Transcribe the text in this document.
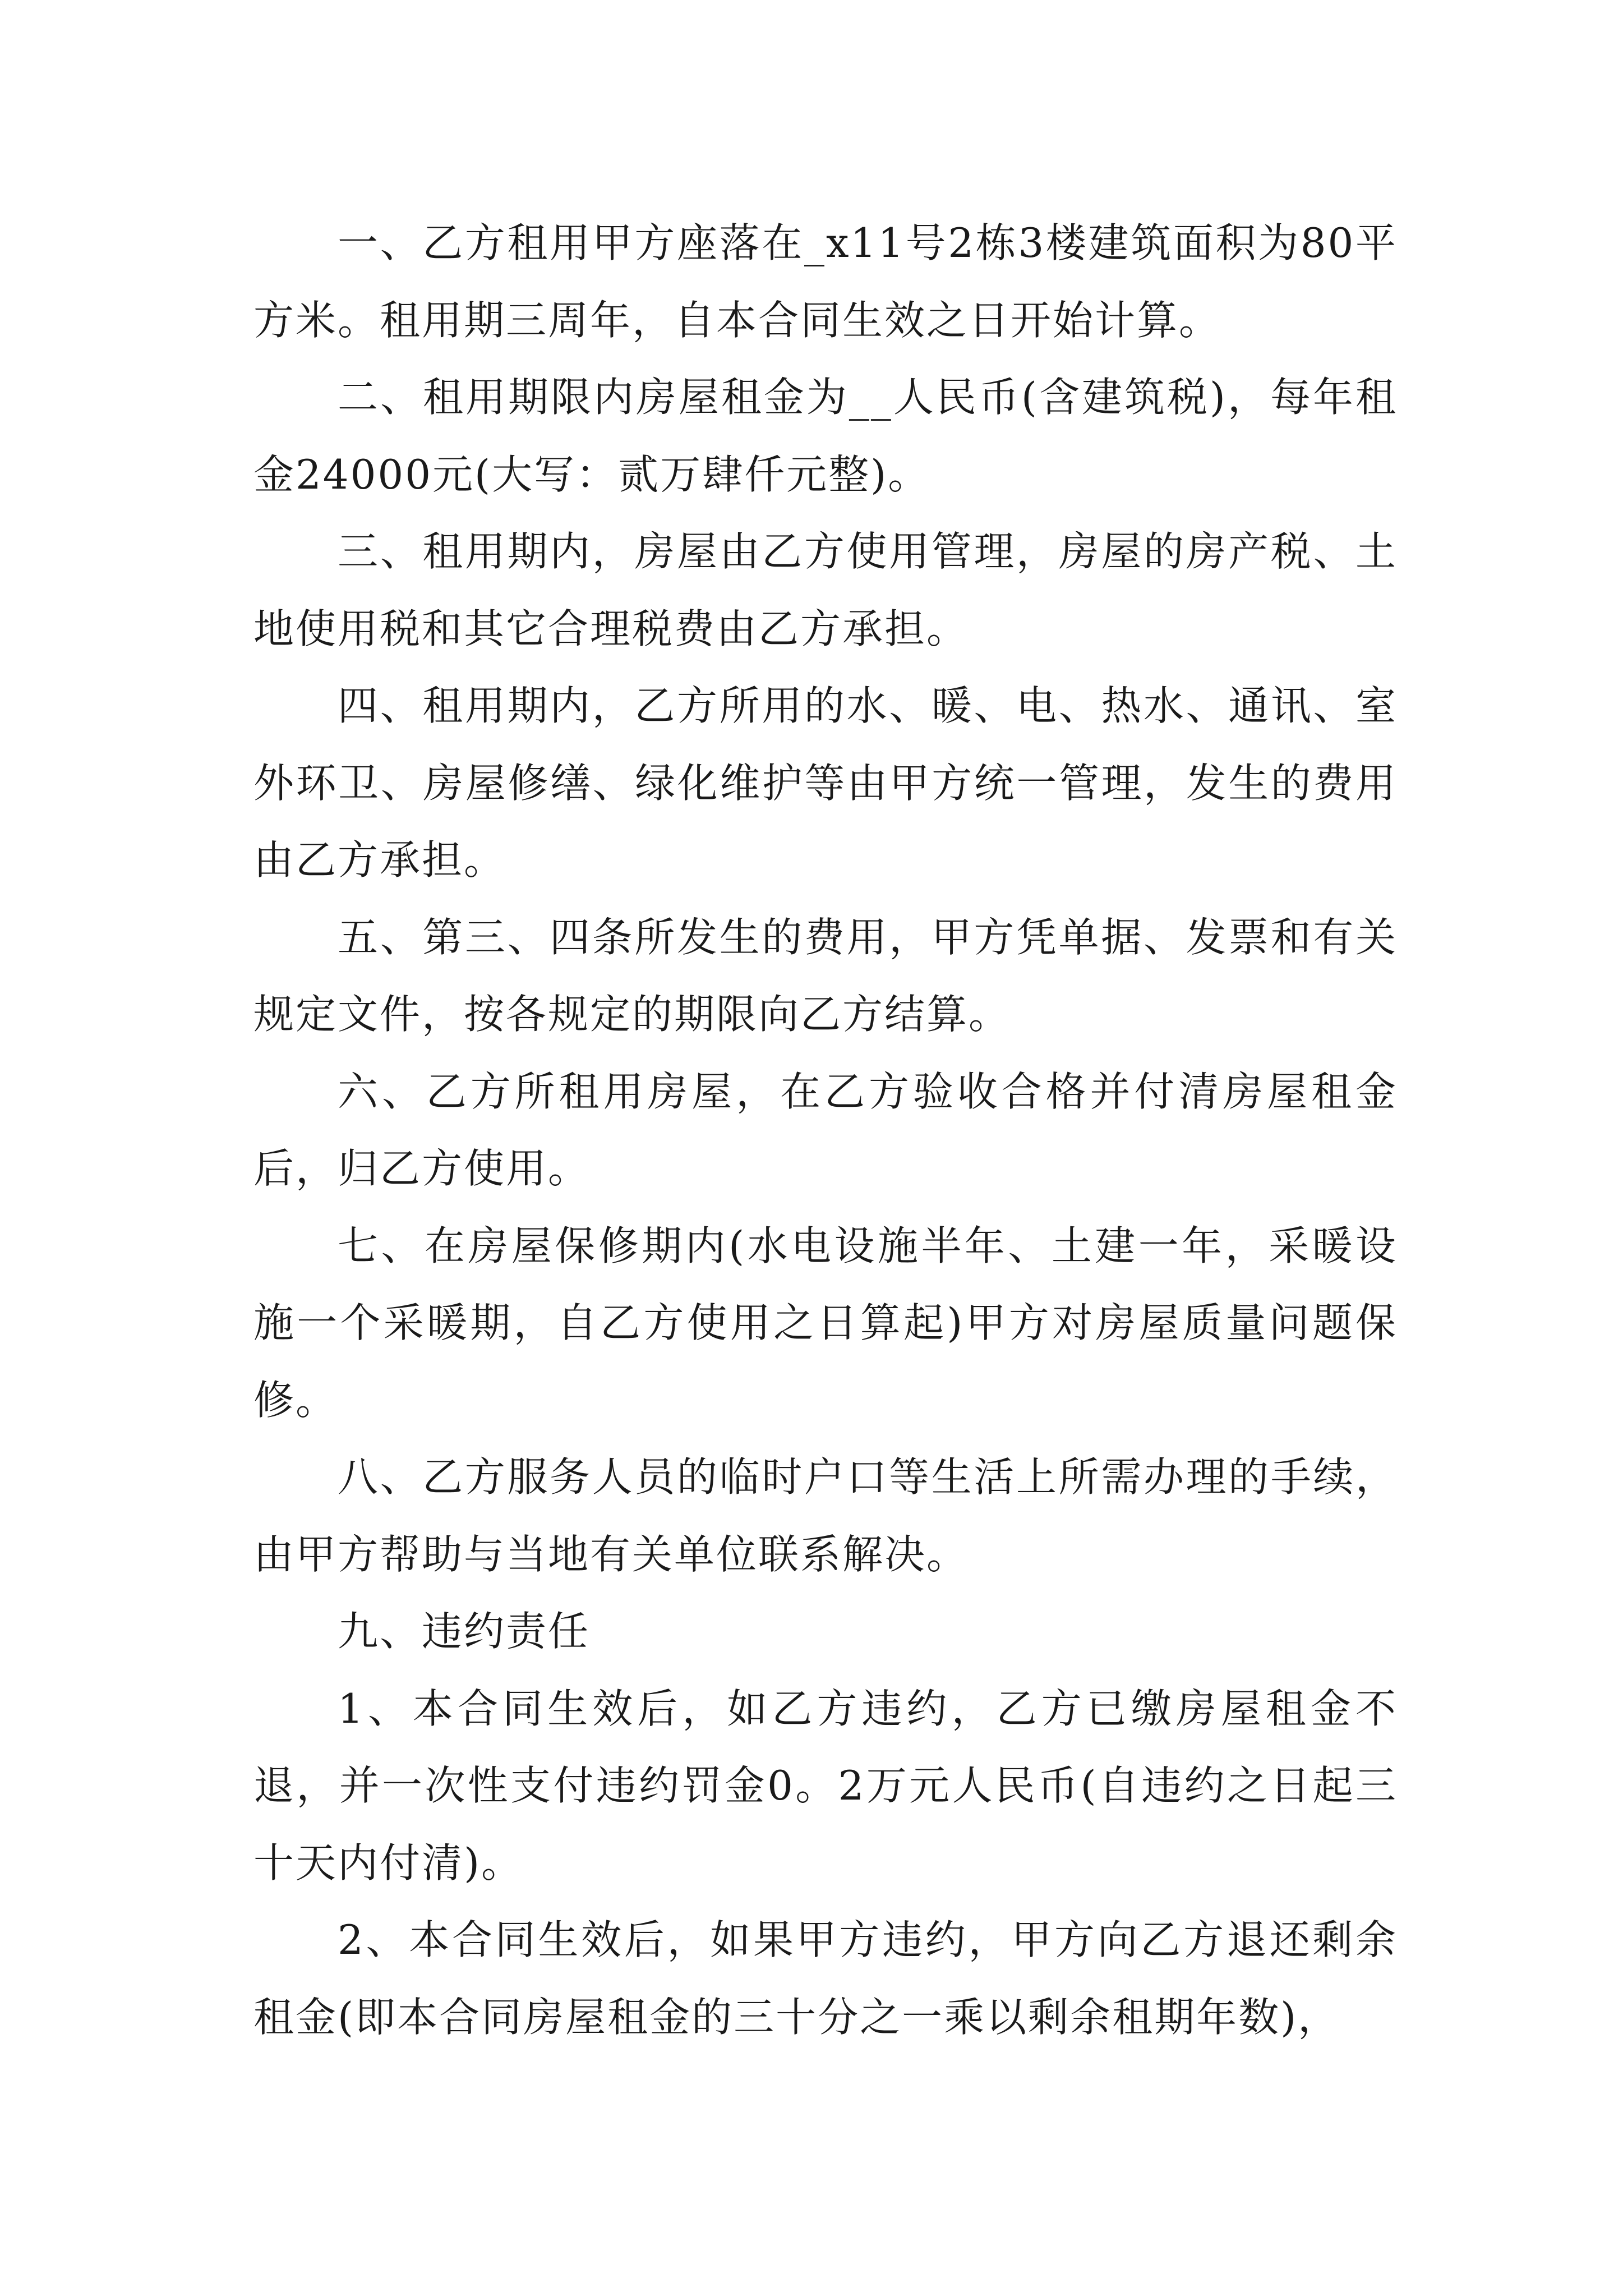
一、乙方租用甲方座落在_x11号2栋3楼建筑面积为80平方米。租用期三周年，自本合同生效之日开始计算。

二、租用期限内房屋租金为__人民币(含建筑税)，每年租金24000元(大写：贰万肆仟元整)。

三、租用期内，房屋由乙方使用管理，房屋的房产税、土地使用税和其它合理税费由乙方承担。

四、租用期内，乙方所用的水、暖、电、热水、通讯、室外环卫、房屋修缮、绿化维护等由甲方统一管理，发生的费用由乙方承担。

五、第三、四条所发生的费用，甲方凭单据、发票和有关规定文件，按各规定的期限向乙方结算。

六、乙方所租用房屋，在乙方验收合格并付清房屋租金后，归乙方使用。

七、在房屋保修期内(水电设施半年、土建一年，采暖设施一个采暖期，自乙方使用之日算起)甲方对房屋质量问题保修。

八、乙方服务人员的临时户口等生活上所需办理的手续，由甲方帮助与当地有关单位联系解决。

九、违约责任

1、本合同生效后，如乙方违约，乙方已缴房屋租金不退，并一次性支付违约罚金0。2万元人民币(自违约之日起三十天内付清)。

2、本合同生效后，如果甲方违约，甲方向乙方退还剩余租金(即本合同房屋租金的三十分之一乘以剩余租期年数)，
